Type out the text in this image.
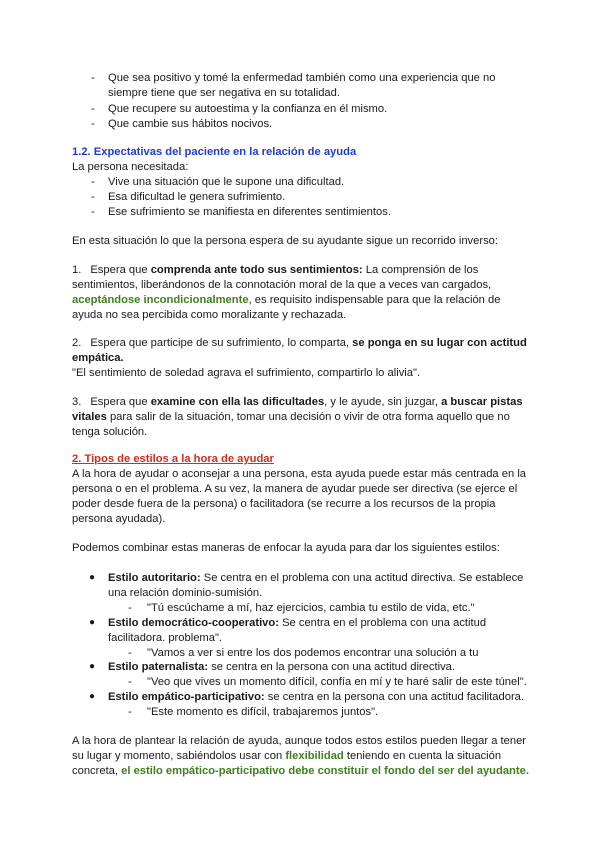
- Que sea positivo y tomé la enfermedad también como una experiencia que no
siempre tiene que ser negativa en su totalidad.
- Que recupere su autoestima y la confianza en él mismo.
- Que cambie sus hábitos nocivos.
1.2. Expectativas del paciente en la relación de ayuda
La persona necesitada:
- Vive una situación que le supone una dificultad.
- Esa dificultad le genera sufrimiento.
- Ese sufrimiento se manifiesta en diferentes sentimientos.
En esta situación lo que la persona espera de su ayudante sigue un recorrido inverso:
1. Espera que comprenda ante todo sus sentimientos: La comprensión de los
sentimientos, liberándonos de la connotación moral de la que a veces van cargados,
aceptándose incondicionalmente, es requisito indispensable para que la relación de
ayuda no sea percibida como moralizante y rechazada.
2. Espera que participe de su sufrimiento, lo comparta, se ponga en su lugar con actitud
empática.
"El sentimiento de soledad agrava el sufrimiento, compartirlo lo alivia".
3. Espera que examine con ella las dificultades, y le ayude, sin juzgar, a buscar pistas
vitales para salir de la situación, tomar una decisión o vivir de otra forma aquello que no
tenga solución.
2. Tipos de estilos a la hora de ayudar
A la hora de ayudar o aconsejar a una persona, esta ayuda puede estar más centrada en la
persona o en el problema. A su vez, la manera de ayudar puede ser directiva (se ejerce el
poder desde fuera de la persona) o facilitadora (se recurre a los recursos de la propia
persona ayudada).
Podemos combinar estas maneras de enfocar la ayuda para dar los siguientes estilos:
● Estilo autoritario: Se centra en el problema con una actitud directiva. Se establece
una relación dominio-sumisión.
- "Tú escúchame a mí, haz ejercicios, cambia tu estilo de vida, etc."
● Estilo democrático-cooperativo: Se centra en el problema con una actitud
facilitadora. problema".
- "Vamos a ver si entre los dos podemos encontrar una solución a tu
● Estilo paternalista: se centra en la persona con una actitud directiva.
- "Veo que vives un momento difícil, confía en mí y te haré salir de este túnel".
● Estilo empático-participativo: se centra en la persona con una actitud facilitadora.
- "Este momento es difícil, trabajaremos juntos".
A la hora de plantear la relación de ayuda, aunque todos estos estilos pueden llegar a tener
su lugar y momento, sabiéndolos usar con flexibilidad teniendo en cuenta la situación
concreta, el estilo empático-participativo debe constituir el fondo del ser del ayudante.
